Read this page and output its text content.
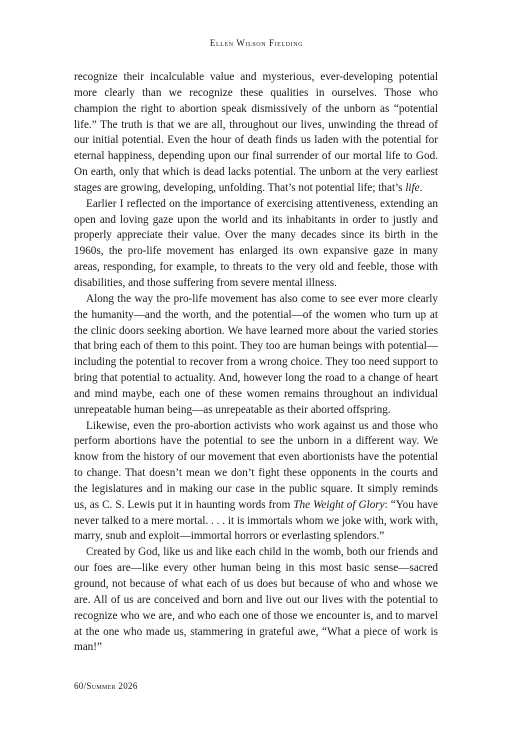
Ellen Wilson Fielding

recognize their incalculable value and mysterious, ever-developing potential more clearly than we recognize these qualities in ourselves. Those who champion the right to abortion speak dismissively of the unborn as “potential life.” The truth is that we are all, throughout our lives, unwinding the thread of our initial potential. Even the hour of death finds us laden with the potential for eternal happiness, depending upon our final surrender of our mortal life to God. On earth, only that which is dead lacks potential. The unborn at the very earliest stages are growing, developing, unfolding. That’s not potential life; that’s life.

Earlier I reflected on the importance of exercising attentiveness, extending an open and loving gaze upon the world and its inhabitants in order to justly and properly appreciate their value. Over the many decades since its birth in the 1960s, the pro-life movement has enlarged its own expansive gaze in many areas, responding, for example, to threats to the very old and feeble, those with disabilities, and those suffering from severe mental illness.

Along the way the pro-life movement has also come to see ever more clearly the humanity—and the worth, and the potential—of the women who turn up at the clinic doors seeking abortion. We have learned more about the varied stories that bring each of them to this point. They too are human beings with potential—including the potential to recover from a wrong choice. They too need support to bring that potential to actuality. And, however long the road to a change of heart and mind maybe, each one of these women remains throughout an individual unrepeatable human being—as unrepeatable as their aborted offspring.

Likewise, even the pro-abortion activists who work against us and those who perform abortions have the potential to see the unborn in a different way. We know from the history of our movement that even abortionists have the potential to change. That doesn’t mean we don’t fight these opponents in the courts and the legislatures and in making our case in the public square. It simply reminds us, as C. S. Lewis put it in haunting words from The Weight of Glory: “You have never talked to a mere mortal. . . . it is immortals whom we joke with, work with, marry, snub and exploit—immortal horrors or everlasting splendors.”

Created by God, like us and like each child in the womb, both our friends and our foes are—like every other human being in this most basic sense—sacred ground, not because of what each of us does but because of who and whose we are. All of us are conceived and born and live out our lives with the potential to recognize who we are, and who each one of those we encounter is, and to marvel at the one who made us, stammering in grateful awe, “What a piece of work is man!”

60/Summer 2026
